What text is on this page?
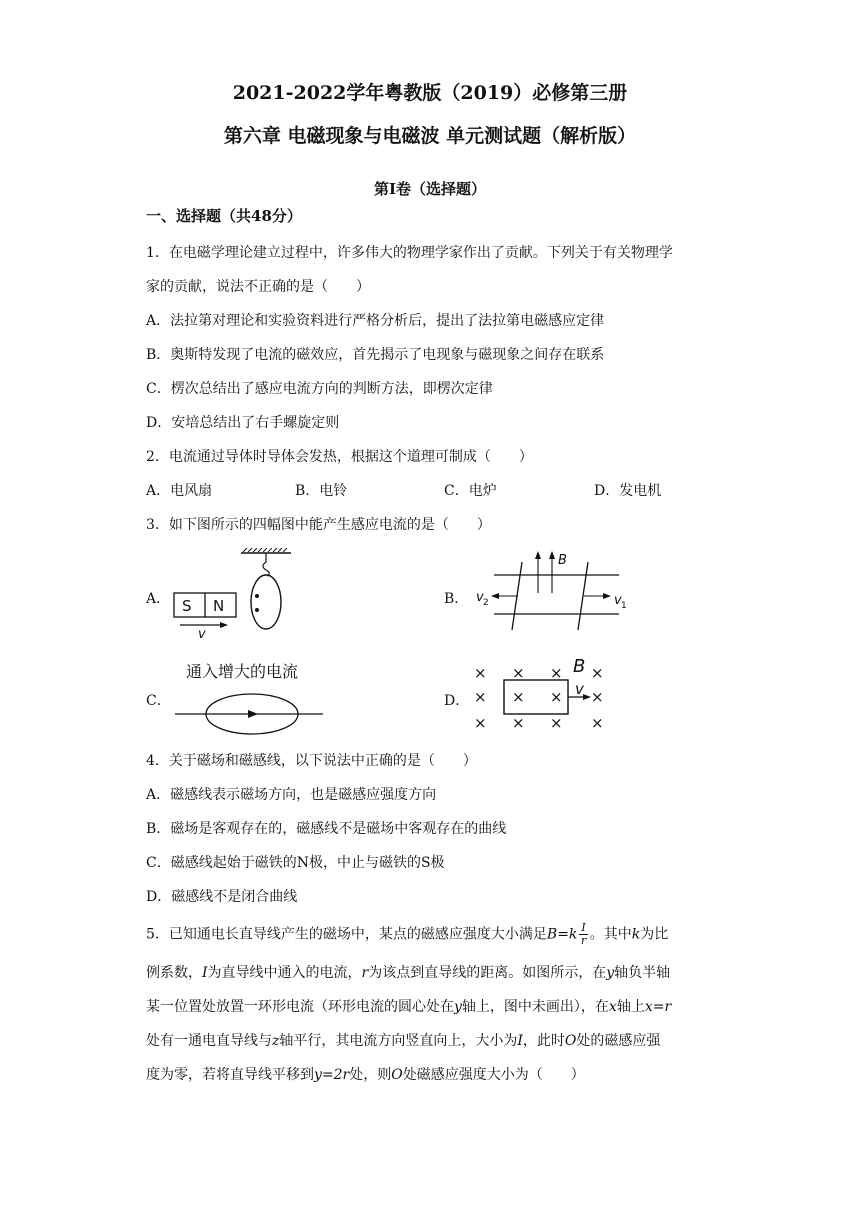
2021-2022学年粤教版（2019）必修第三册
第六章 电磁现象与电磁波 单元测试题（解析版）
第Ⅰ卷（选择题）
一、选择题（共48分）
1．在电磁学理论建立过程中，许多伟大的物理学家作出了贡献。下列关于有关物理学
家的贡献，说法不正确的是（　　）
A．法拉第对理论和实验资料进行严格分析后，提出了法拉第电磁感应定律
B．奥斯特发现了电流的磁效应，首先揭示了电现象与磁现象之间存在联系
C．楞次总结出了感应电流方向的判断方法，即楞次定律
D．安培总结出了右手螺旋定则
2．电流通过导体时导体会发热，根据这个道理可制成（　　）
A．电风扇	B．电铃	C．电炉	D．发电机
3．如下图所示的四幅图中能产生感应电流的是（　　）
A．	B．
C．	D．
S N
v
B
v 2	v 1
通入增大的电流	× × × ×
× × × ×
× × × ×
v
B
4．关于磁场和磁感线，以下说法中正确的是（　　）
A．磁感线表示磁场方向，也是磁感应强度方向
B．磁场是客观存在的，磁感线不是磁场中客观存在的曲线
C．磁感线起始于磁铁的N极，中止与磁铁的S极
D．磁感线不是闭合曲线
5．已知通电长直导线产生的磁场中，某点的磁感应强度大小满足$B=k \frac{I}{r}$ 。其中k为比
例系数，I为直导线中通入的电流，r为该点到直导线的距离。如图所示，在y轴负半轴
某一位置处放置一环形电流（环形电流的圆心处在y轴上，图中未画出），在x轴上x=r
处有一通电直导线与z轴平行，其电流方向竖直向上，大小为I，此时O处的磁感应强
度为零，若将直导线平移到y=2r处，则O处磁感应强度大小为（　　）
